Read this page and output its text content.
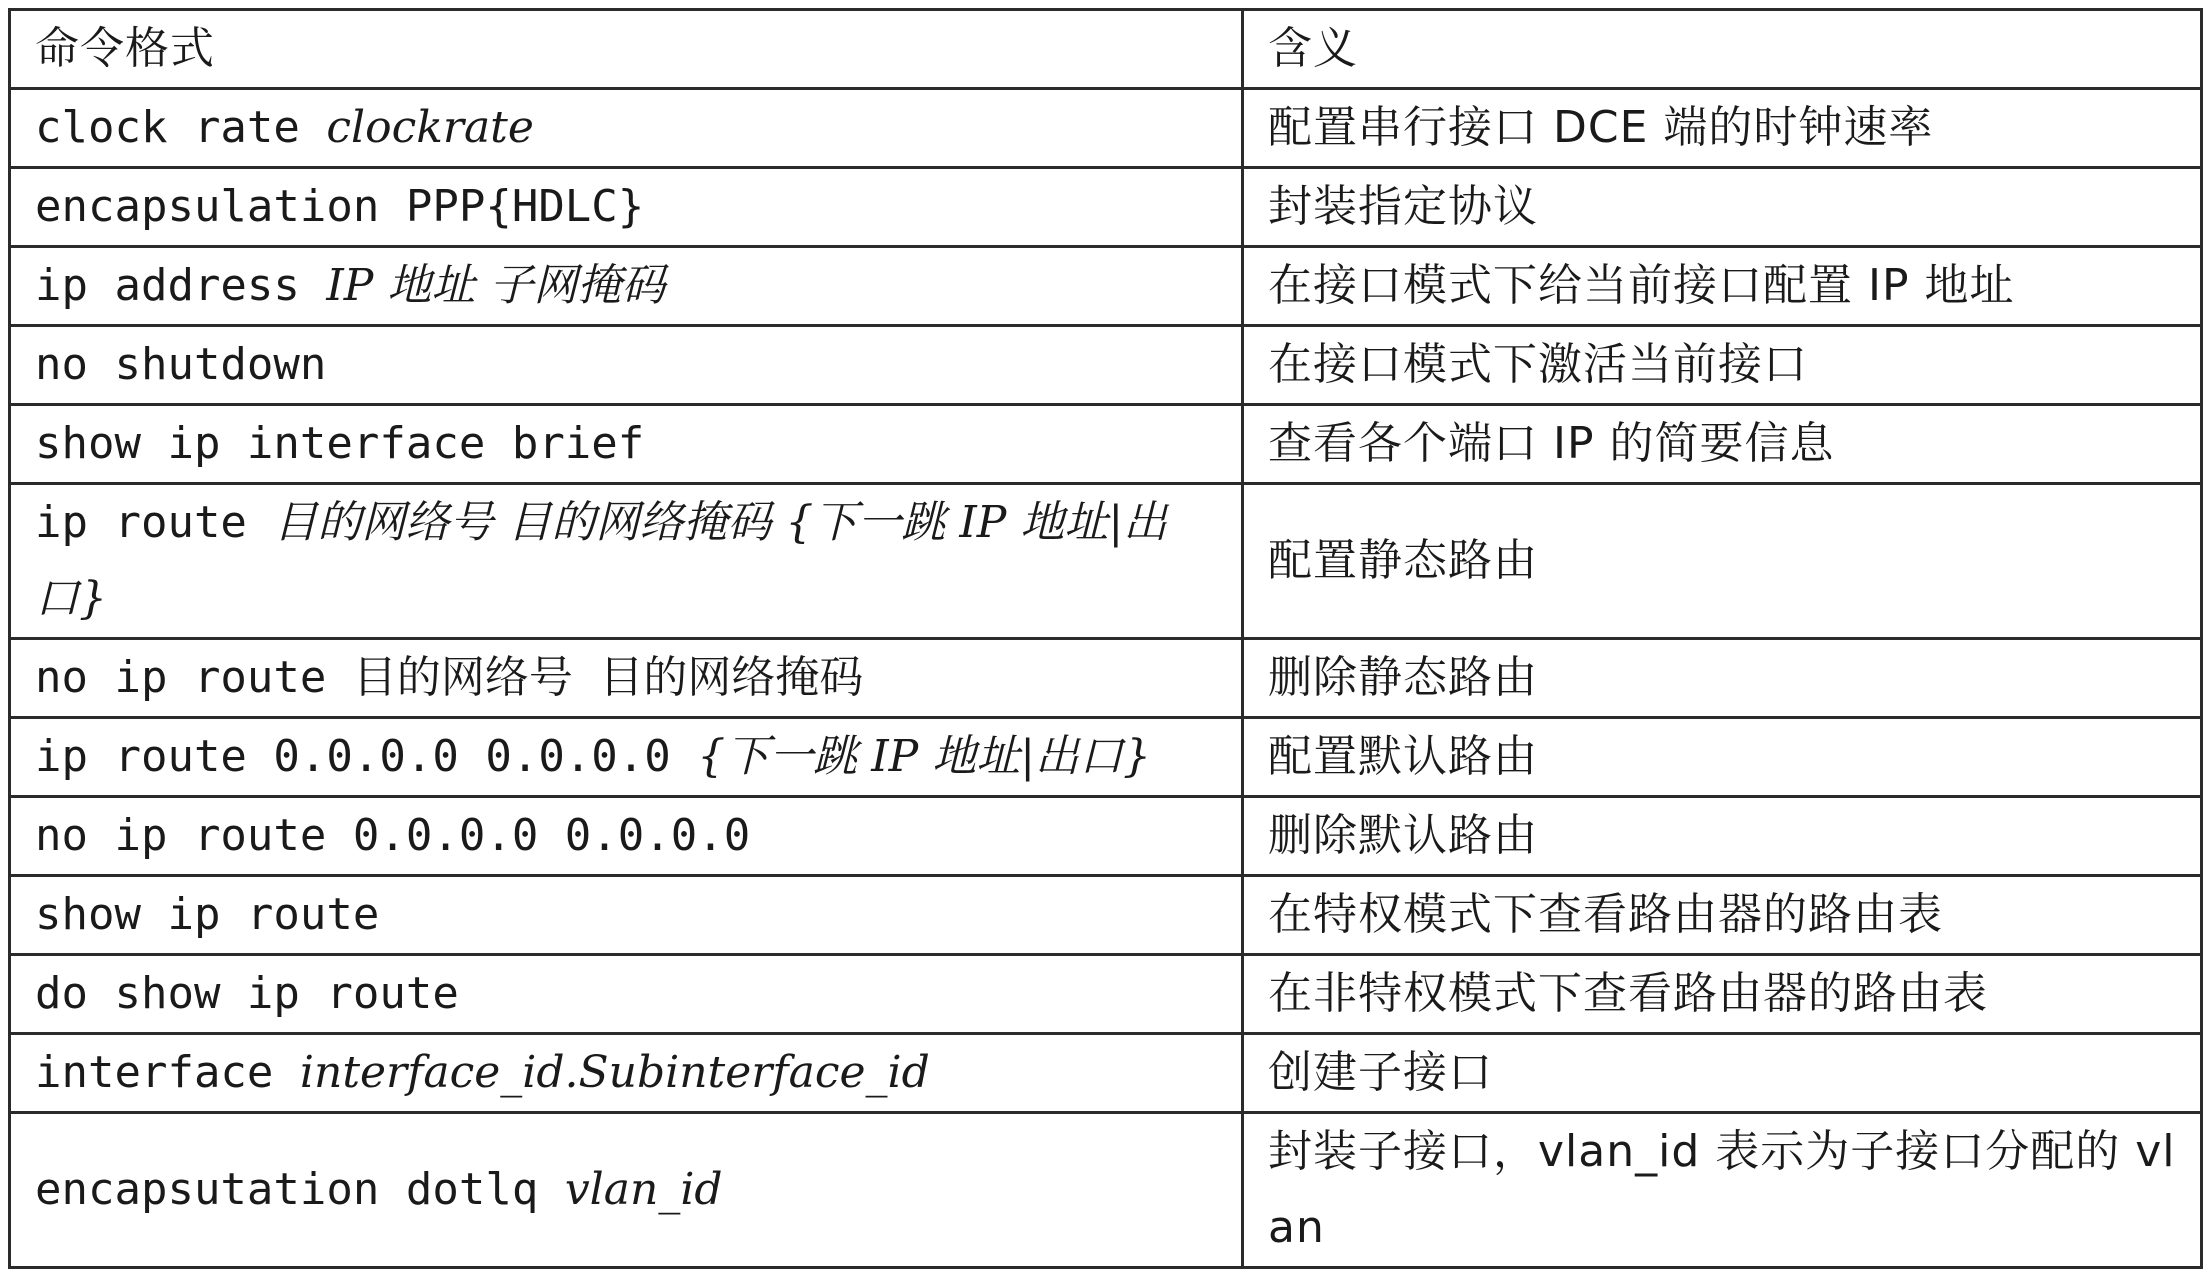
命令格式	含义
clock rate clockrate	配置串行接口 DCE 端的时钟速率
encapsulation PPP{HDLC}	封装指定协议
ip address IP 地址 子网掩码	在接口模式下给当前接口配置 IP 地址
no shutdown	在接口模式下激活当前接口
show ip interface brief	查看各个端口 IP 的简要信息
ip route 目的网络号 目的网络掩码 {下一跳 IP 地址|出口}	配置静态路由
no ip route 目的网络号 目的网络掩码	删除静态路由
ip route 0.0.0.0 0.0.0.0 {下一跳 IP 地址|出口}	配置默认路由
no ip route 0.0.0.0 0.0.0.0	删除默认路由
show ip route	在特权模式下查看路由器的路由表
do show ip route	在非特权模式下查看路由器的路由表
interface interface_id.Subinterface_id	创建子接口
encapsutation dotlq vlan_id	封装子接口，vlan_id 表示为子接口分配的 vlan
